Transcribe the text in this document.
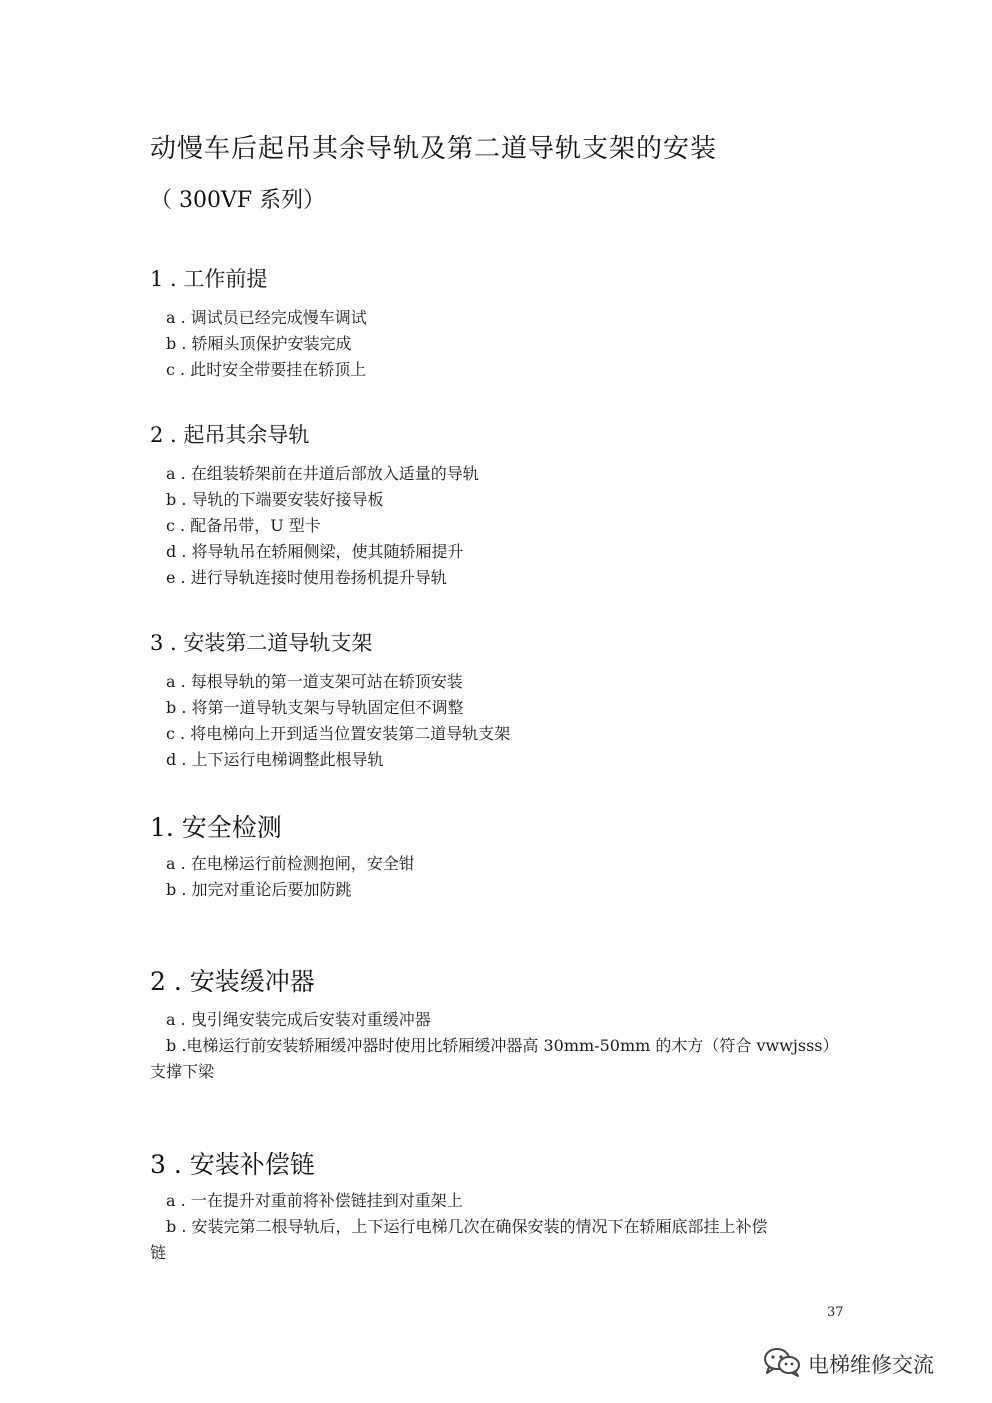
动慢车后起吊其余导轨及第二道导轨支架的安装
（ 300VF 系列）
1 . 工作前提
a . 调试员已经完成慢车调试
b . 轿厢头顶保护安装完成
c . 此时安全带要挂在轿顶上
2 . 起吊其余导轨
a . 在组装轿架前在井道后部放入适量的导轨
b . 导轨的下端要安装好接导板
c . 配备吊带，U 型卡
d . 将导轨吊在轿厢侧梁，使其随轿厢提升
e . 进行导轨连接时使用卷扬机提升导轨
3 . 安装第二道导轨支架
a . 每根导轨的第一道支架可站在轿顶安装
b . 将第一道导轨支架与导轨固定但不调整
c . 将电梯向上开到适当位置安装第二道导轨支架
d . 上下运行电梯调整此根导轨
1. 安全检测
a . 在电梯运行前检测抱闸，安全钳
b . 加完对重论后要加防跳
2 . 安装缓冲器
a . 曳引绳安装完成后安装对重缓冲器
b .电梯运行前安装轿厢缓冲器时使用比轿厢缓冲器高 30mm-50mm 的木方（符合 vwwjsss）
支撑下梁
3 . 安装补偿链
a . 一在提升对重前将补偿链挂到对重架上
b . 安装完第二根导轨后，上下运行电梯几次在确保安装的情况下在轿厢底部挂上补偿
链
37
电梯维修交流
